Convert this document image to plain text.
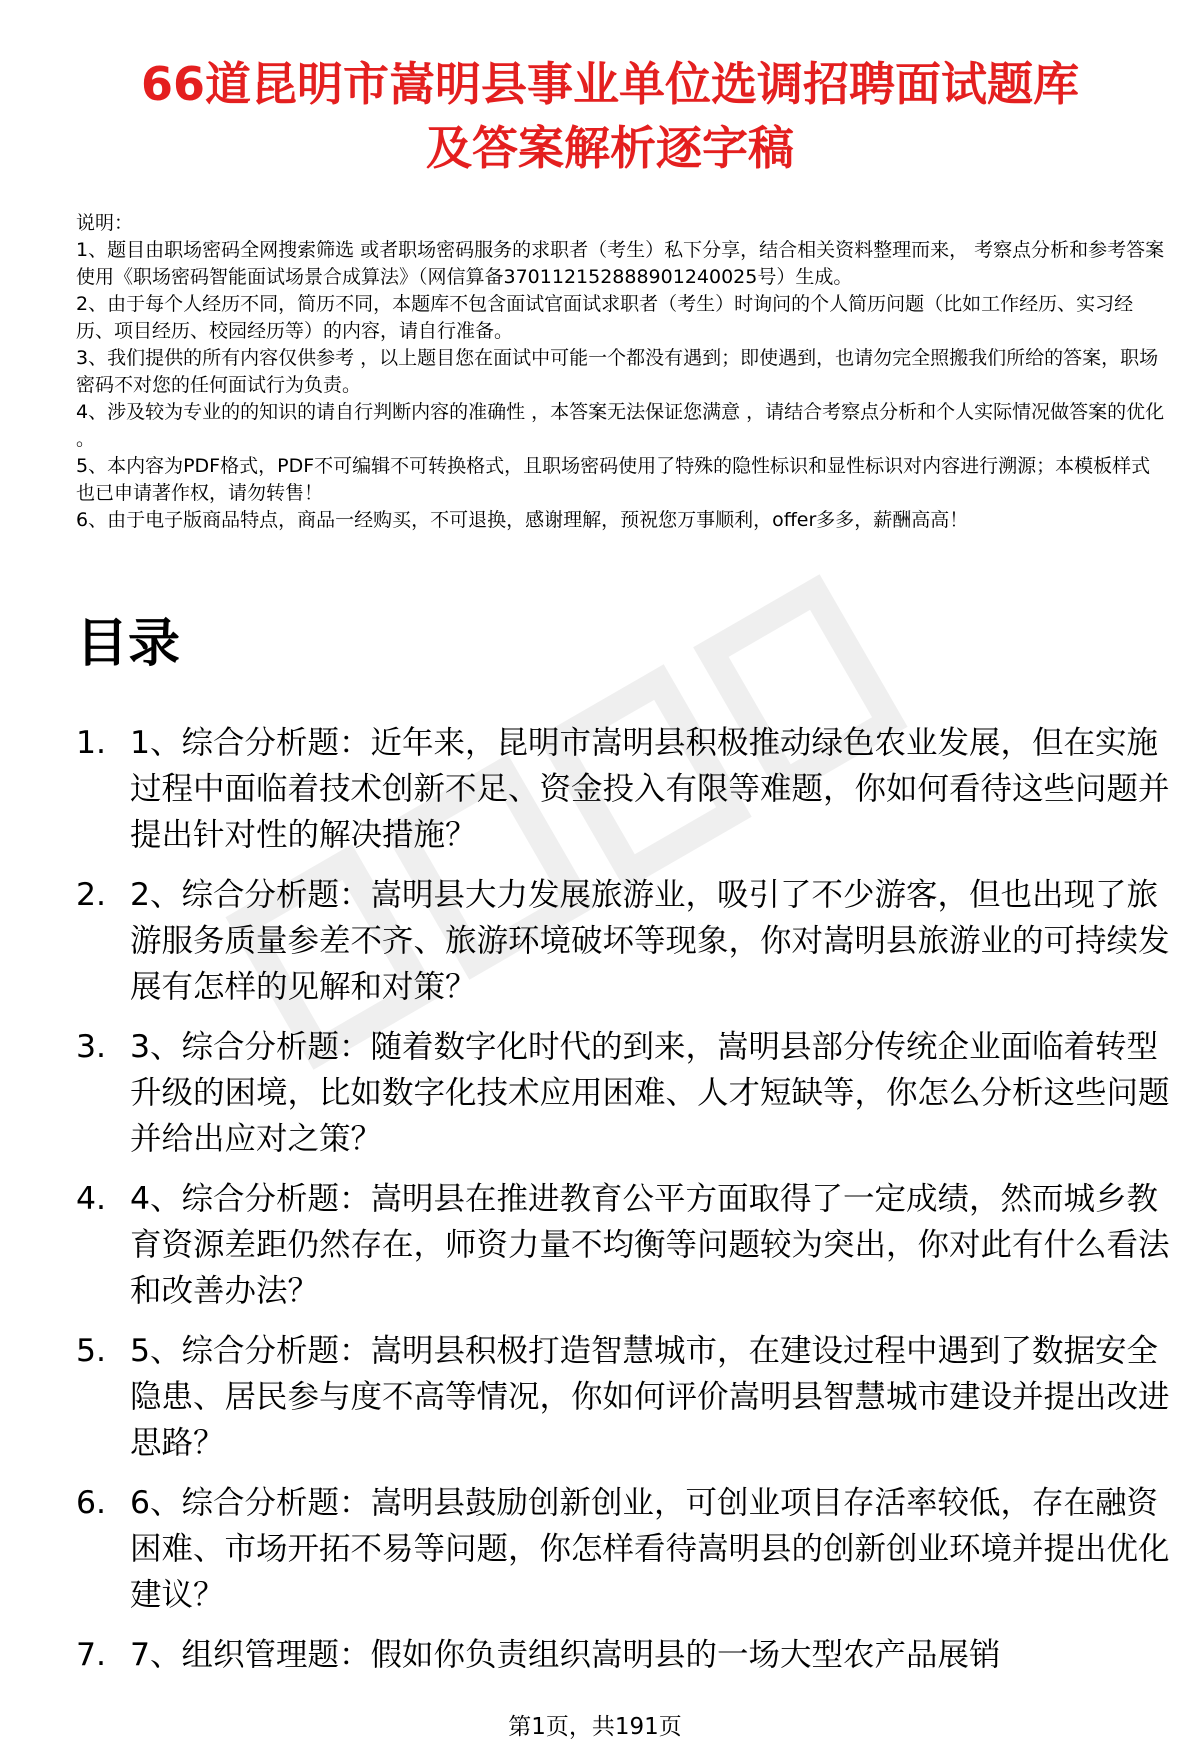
66道昆明市嵩明县事业单位选调招聘面试题库
及答案解析逐字稿
说明：
1、题目由职场密码全网搜索筛选 或者职场密码服务的求职者（考生）私下分享，结合相关资料整理而来， 考察点分析和参考答案使用《职场密码智能面试场景合成算法》（网信算备370112152888901240025号）生成。
2、由于每个人经历不同，简历不同，本题库不包含面试官面试求职者（考生）时询问的个人简历问题（比如工作经历、实习经历、项目经历、校园经历等）的内容，请自行准备。
3、我们提供的所有内容仅供参考 ，以上题目您在面试中可能一个都没有遇到；即使遇到，也请勿完全照搬我们所给的答案，职场密码不对您的任何面试行为负责。
4、涉及较为专业的的知识的请自行判断内容的准确性 ，本答案无法保证您满意 ，请结合考察点分析和个人实际情况做答案的优化 。
5、本内容为PDF格式，PDF不可编辑不可转换格式，且职场密码使用了特殊的隐性标识和显性标识对内容进行溯源；本模板样式也已申请著作权，请勿转售！
6、由于电子版商品特点，商品一经购买，不可退换，感谢理解，预祝您万事顺利，offer多多，薪酬高高！
目录
1. 1、综合分析题：近年来，昆明市嵩明县积极推动绿色农业发展，但在实施过程中面临着技术创新不足、资金投入有限等难题，你如何看待这些问题并提出针对性的解决措施？
2. 2、综合分析题：嵩明县大力发展旅游业，吸引了不少游客，但也出现了旅游服务质量参差不齐、旅游环境破坏等现象，你对嵩明县旅游业的可持续发展有怎样的见解和对策？
3. 3、综合分析题：随着数字化时代的到来，嵩明县部分传统企业面临着转型升级的困境，比如数字化技术应用困难、人才短缺等，你怎么分析这些问题并给出应对之策？
4. 4、综合分析题：嵩明县在推进教育公平方面取得了一定成绩，然而城乡教育资源差距仍然存在，师资力量不均衡等问题较为突出，你对此有什么看法和改善办法？
5. 5、综合分析题：嵩明县积极打造智慧城市，在建设过程中遇到了数据安全隐患、居民参与度不高等情况，你如何评价嵩明县智慧城市建设并提出改进思路？
6. 6、综合分析题：嵩明县鼓励创新创业，可创业项目存活率较低，存在融资困难、市场开拓不易等问题，你怎样看待嵩明县的创新创业环境并提出优化建议？
7. 7、组织管理题：假如你负责组织嵩明县的一场大型农产品展销
第1页，共191页
